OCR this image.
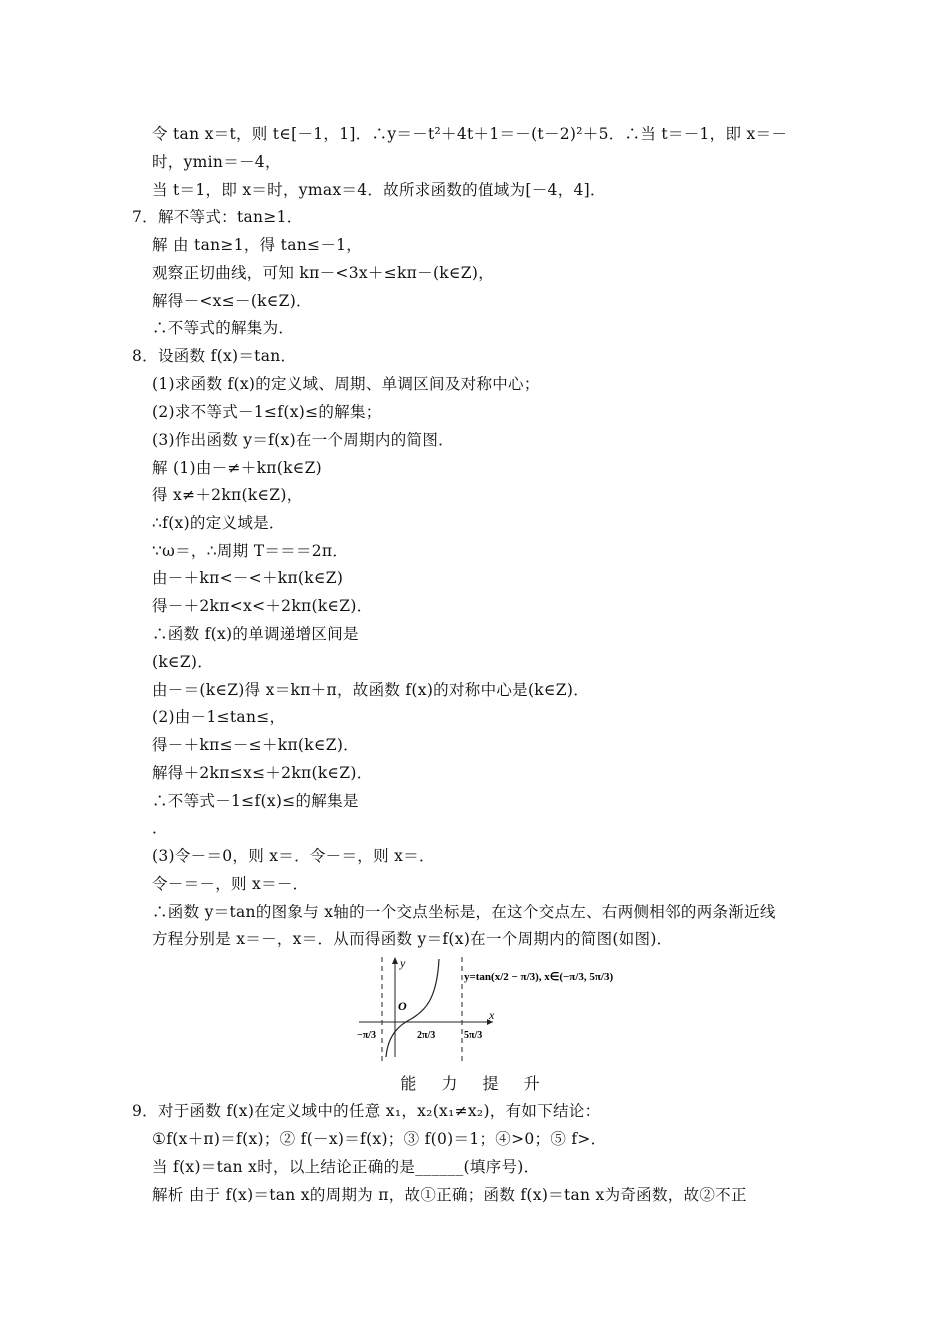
令 tan x＝t，则 t∈[－1，1]．∴y＝－t²＋4t＋1＝－(t－2)²＋5．∴当 t＝－1，即 x＝－
时，ymin＝－4，
当 t＝1，即 x＝时，ymax＝4．故所求函数的值域为[－4，4]．
7．解不等式：tan≥1．
解 由 tan≥1，得 tan≤－1，
观察正切曲线，可知 kπ－<3x＋≤kπ－(k∈Z)，
解得－<x≤－(k∈Z)．
∴不等式的解集为．
8．设函数 f(x)＝tan．
(1)求函数 f(x)的定义域、周期、单调区间及对称中心；
(2)求不等式－1≤f(x)≤的解集；
(3)作出函数 y＝f(x)在一个周期内的简图．
解 (1)由－≠＋kπ(k∈Z)
得 x≠＋2kπ(k∈Z)，
∴f(x)的定义域是．
∵ω＝，∴周期 T＝＝＝2π．
由－＋kπ<－<＋kπ(k∈Z)
得－＋2kπ<x<＋2kπ(k∈Z)．
∴函数 f(x)的单调递增区间是
(k∈Z)．
由－＝(k∈Z)得 x＝kπ＋π，故函数 f(x)的对称中心是(k∈Z)．
(2)由－1≤tan≤，
得－＋kπ≤－≤＋kπ(k∈Z)．
解得＋2kπ≤x≤＋2kπ(k∈Z)．
∴不等式－1≤f(x)≤的解集是
．
(3)令－＝0，则 x＝．令－＝，则 x＝．
令－＝－，则 x＝－．
∴函数 y＝tan的图象与 x轴的一个交点坐标是，在这个交点左、右两侧相邻的两条渐近线
方程分别是 x＝－，x＝．从而得函数 y＝f(x)在一个周期内的简图(如图)．
y
x
O
y=tan(x/2 − π/3), x∈(−π/3, 5π/3)
−π/3	2π/3	5π/3
能 力 提 升
9．对于函数 f(x)在定义域中的任意 x₁，x₂(x₁≠x₂)，有如下结论：
①f(x＋π)＝f(x)；② f(－x)＝f(x)；③ f(0)＝1；④>0；⑤ f>．
当 f(x)＝tan x时，以上结论正确的是______(填序号)．
解析 由于 f(x)＝tan x的周期为 π，故①正确；函数 f(x)＝tan x为奇函数，故②不正
